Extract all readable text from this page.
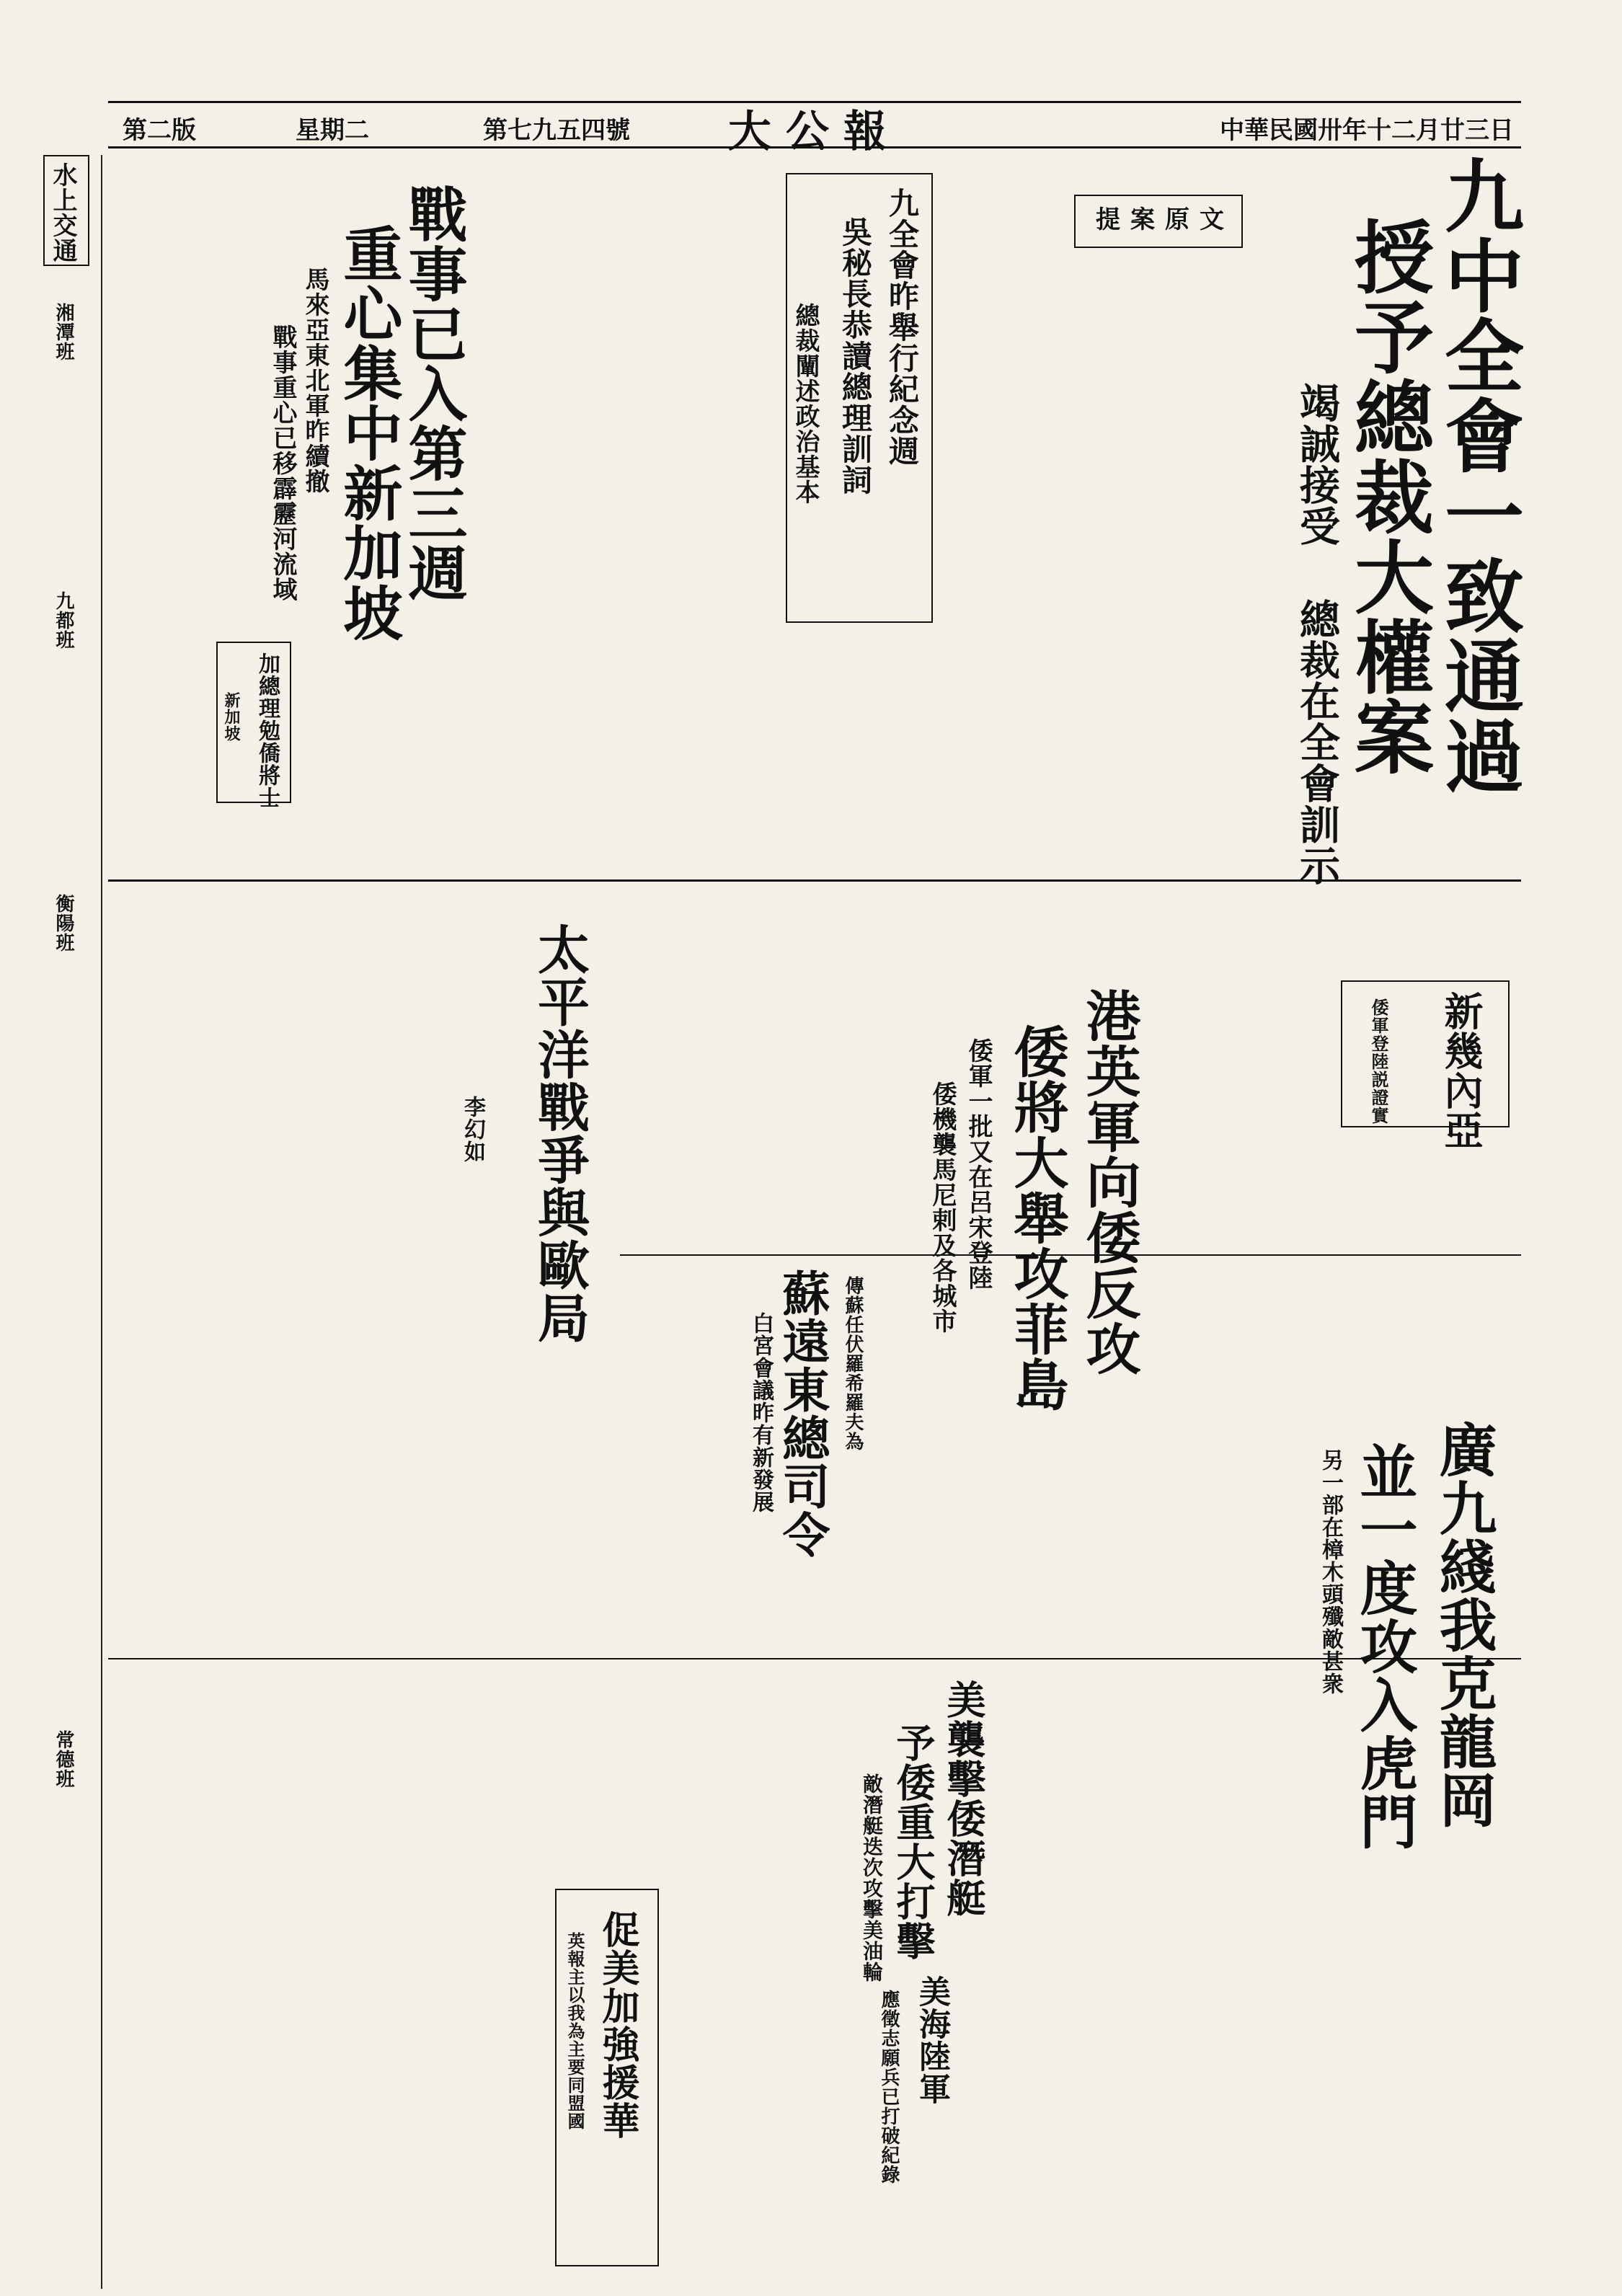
中華民國卅年十二月廿三日
大公報
第七九五四號
星期二
第二版
九中全會一致通過
授予總裁大權案
竭誠接受
總裁在全會訓示
提案原文
九全會昨舉行紀念週
吳秘長恭讀總理訓詞
總裁闡述政治基本
戰事已入第三週
重心集中新加坡
馬來亞東北軍昨續撤
戰事重心已移霹靂河流域
水上交通
湘潭班
九都班
衡陽班
常德班
加總理勉僑將士
新加坡
港英軍向倭反攻
倭將大舉攻菲島
倭軍一批又在呂宋登陸
倭機襲馬尼剌及各城市
新幾內亞
倭軍登陸説證實
太平洋戰爭與歐局
李幻如
蘇遠東總司令
白宮會議昨有新發展	傳蘇任伏羅希羅夫為
廣九綫我克龍岡
並一度攻入虎門
另一部在樟木頭殲敵甚衆
美襲擊倭潛艇
予倭重大打擊
敵潛艇迭次攻擊美油輪
美海陸軍
應徵志願兵已打破紀錄
促美加強援華
英報主以我為主要同盟國
